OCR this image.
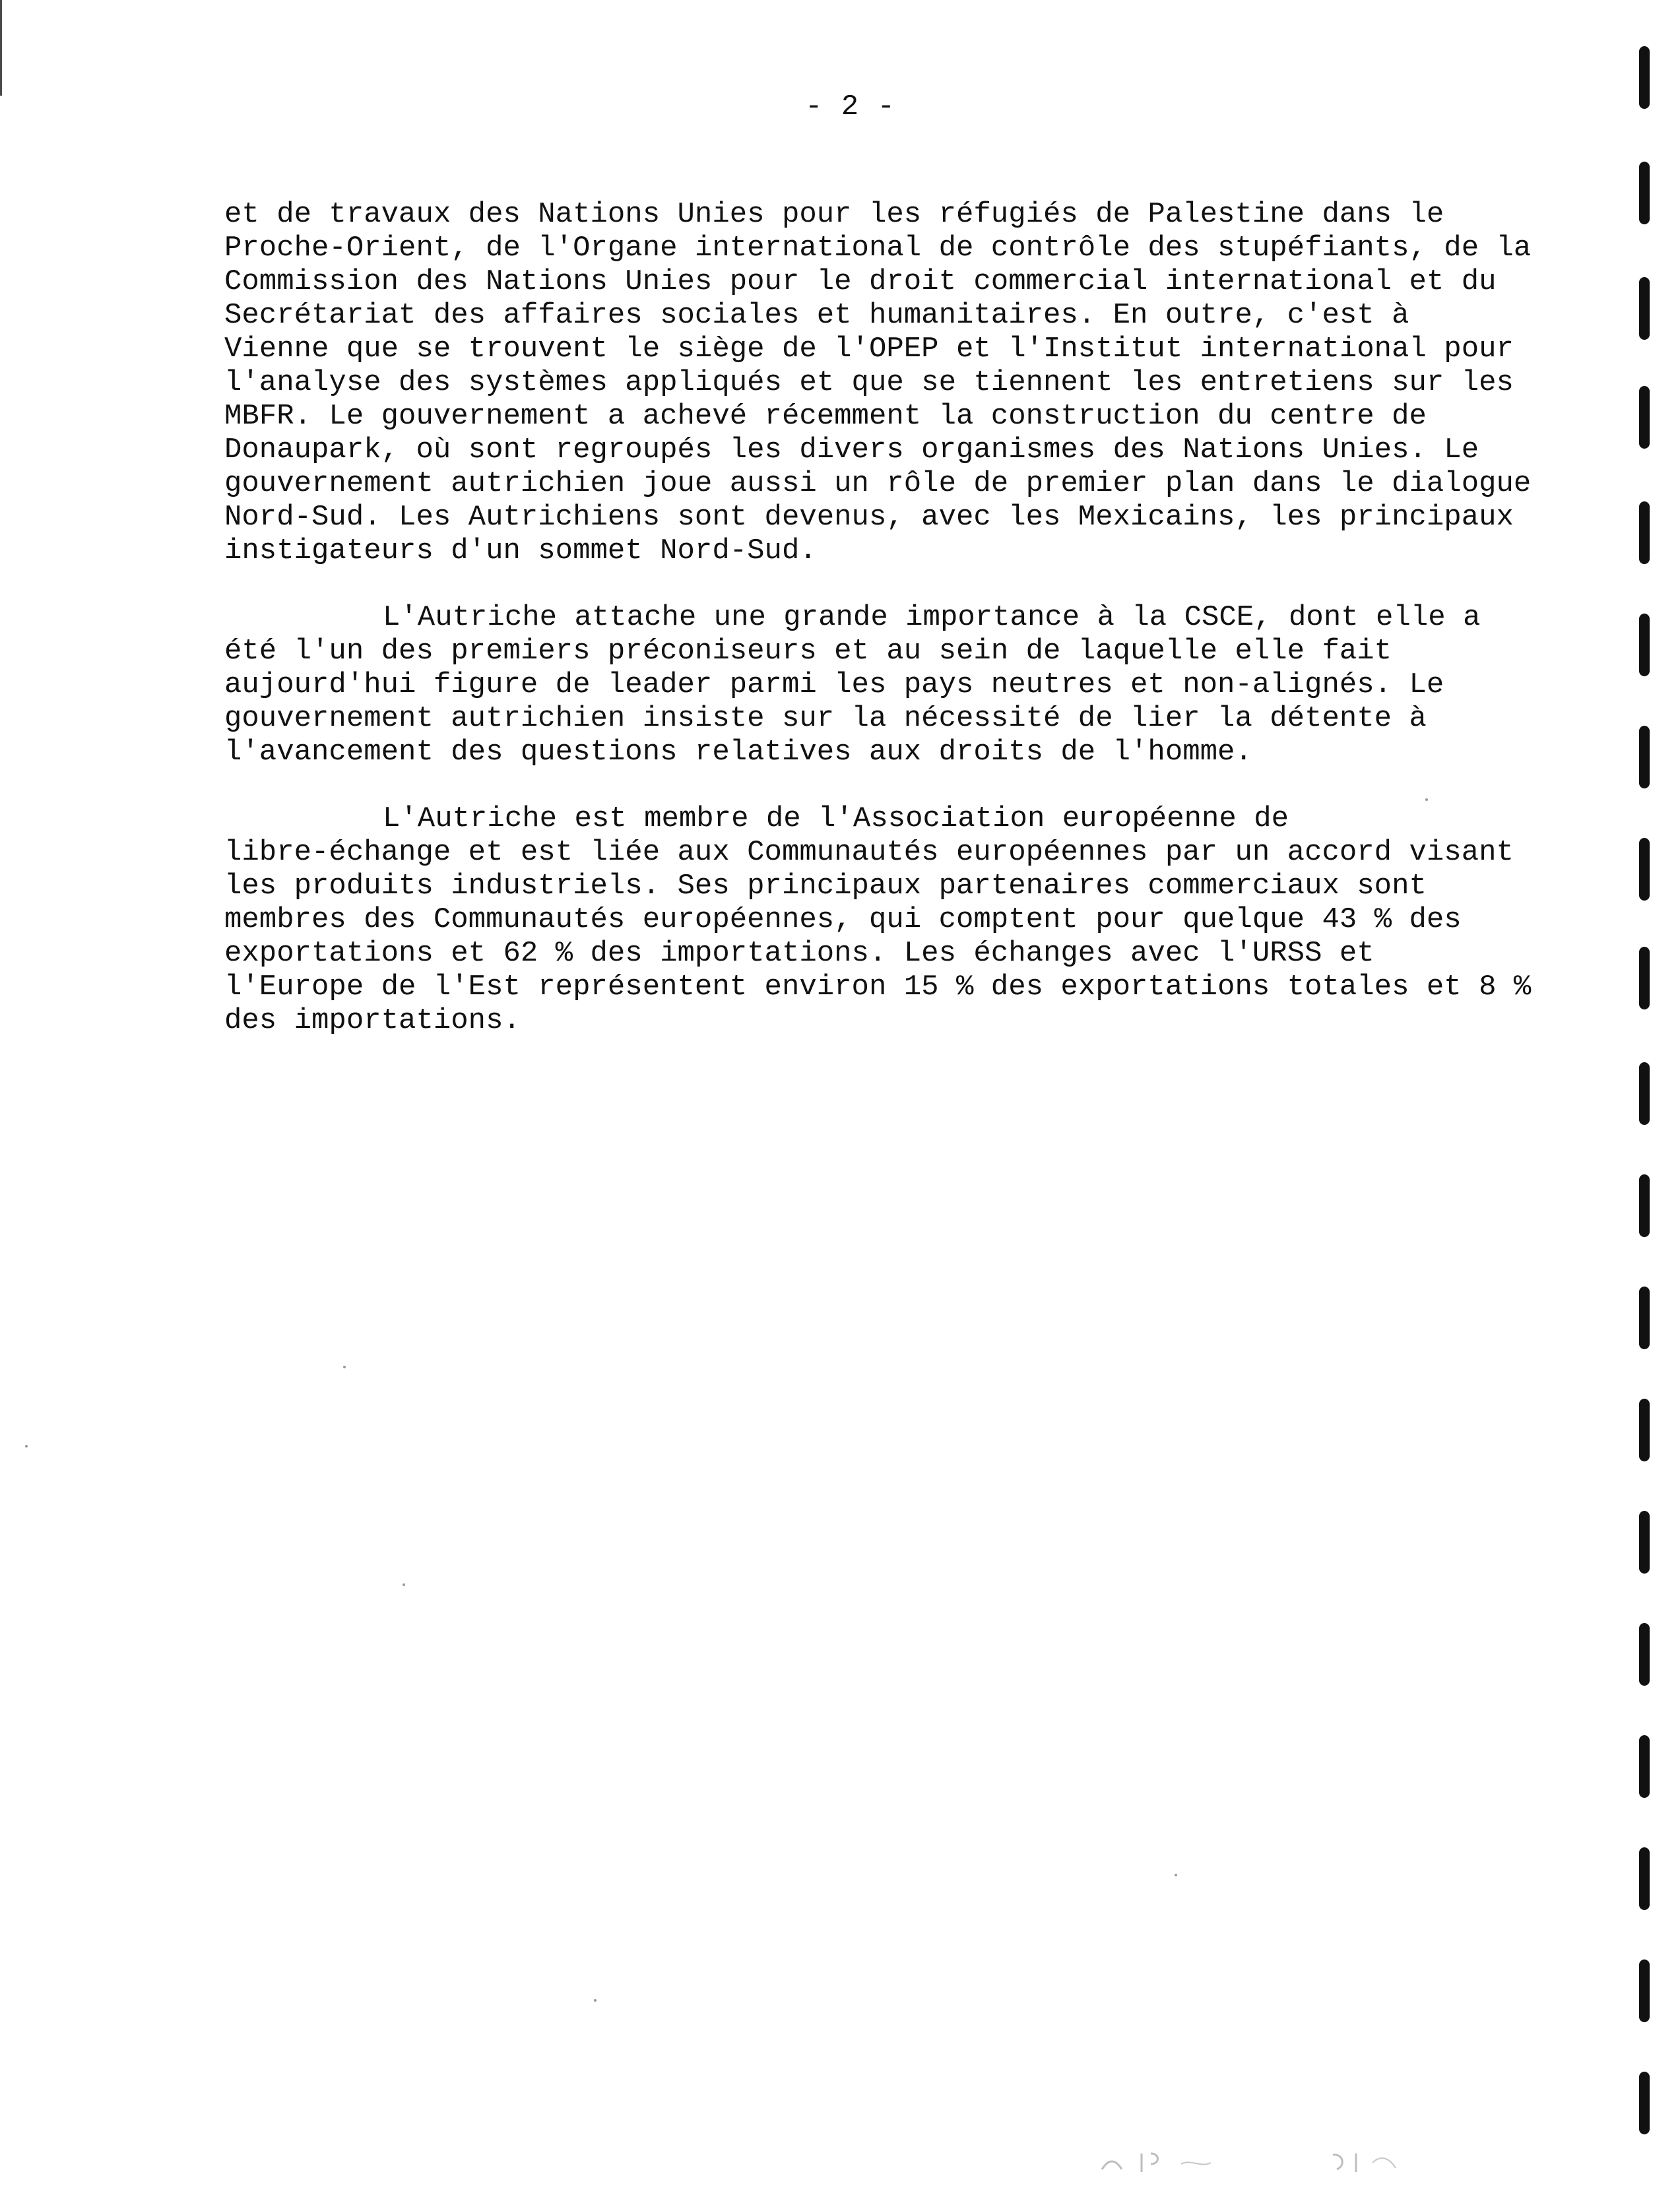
- 2 -
et de travaux des Nations Unies pour les réfugiés de Palestine dans le
Proche-Orient, de l'Organe international de contrôle des stupéfiants, de la
Commission des Nations Unies pour le droit commercial international et du
Secrétariat des affaires sociales et humanitaires. En outre, c'est à
Vienne que se trouvent le siège de l'OPEP et l'Institut international pour
l'analyse des systèmes appliqués et que se tiennent les entretiens sur les
MBFR. Le gouvernement a achevé récemment la construction du centre de
Donaupark, où sont regroupés les divers organismes des Nations Unies. Le
gouvernement autrichien joue aussi un rôle de premier plan dans le dialogue
Nord-Sud. Les Autrichiens sont devenus, avec les Mexicains, les principaux
instigateurs d'un sommet Nord-Sud.
L'Autriche attache une grande importance à la CSCE, dont elle a
été l'un des premiers préconiseurs et au sein de laquelle elle fait
aujourd'hui figure de leader parmi les pays neutres et non-alignés. Le
gouvernement autrichien insiste sur la nécessité de lier la détente à
l'avancement des questions relatives aux droits de l'homme.
L'Autriche est membre de l'Association européenne de
libre-échange et est liée aux Communautés européennes par un accord visant
les produits industriels. Ses principaux partenaires commerciaux sont
membres des Communautés européennes, qui comptent pour quelque 43 % des
exportations et 62 % des importations. Les échanges avec l'URSS et
l'Europe de l'Est représentent environ 15 % des exportations totales et 8 %
des importations.
